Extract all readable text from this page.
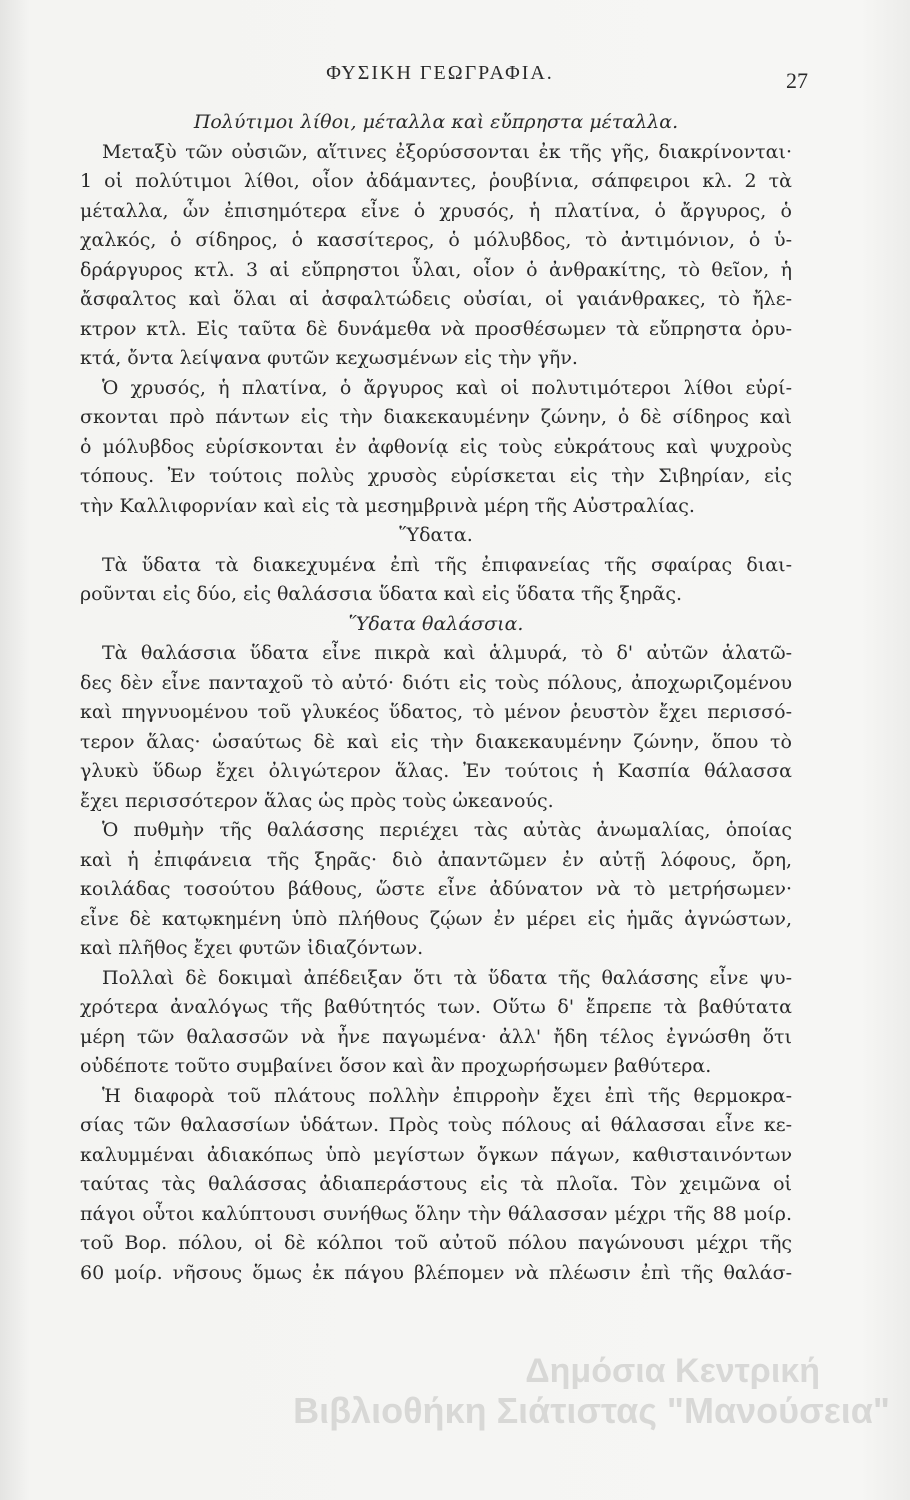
ΦΥΣΙΚΗ ΓΕΩΓΡΑΦΙΑ.	27
Πολύτιμοι λίθοι, μέταλλα καὶ εὔπρηστα μέταλλα.
Μεταξὺ τῶν οὐσιῶν, αἵτινες ἐξορύσσονται ἐκ τῆς γῆς, διακρίνονται·
1 οἱ πολύτιμοι λίθοι, οἷον ἀδάμαντες, ῥουβίνια, σάπφειροι κλ. 2 τὰ
μέταλλα, ὧν ἐπισημότερα εἶνε ὁ χρυσός, ἡ πλατίνα, ὁ ἄργυρος, ὁ
χαλκός, ὁ σίδηρος, ὁ κασσίτερος, ὁ μόλυβδος, τὸ ἀντιμόνιον, ὁ ὑ-
δράργυρος κτλ. 3 αἱ εὔπρηστοι ὗλαι, οἷον ὁ ἀνθρακίτης, τὸ θεῖον, ἡ
ἄσφαλτος καὶ ὅλαι αἱ ἀσφαλτώδεις οὐσίαι, οἱ γαιάνθρακες, τὸ ἤλε-
κτρον κτλ. Εἰς ταῦτα δὲ δυνάμεθα νὰ προσθέσωμεν τὰ εὔπρηστα ὀρυ-
κτά, ὄντα λείψανα φυτῶν κεχωσμένων εἰς τὴν γῆν.
Ὁ χρυσός, ἡ πλατίνα, ὁ ἄργυρος καὶ οἱ πολυτιμότεροι λίθοι εὑρί-
σκονται πρὸ πάντων εἰς τὴν διακεκαυμένην ζώνην, ὁ δὲ σίδηρος καὶ
ὁ μόλυβδος εὑρίσκονται ἐν ἀφθονίᾳ εἰς τοὺς εὐκράτους καὶ ψυχροὺς
τόπους. Ἐν τούτοις πολὺς χρυσὸς εὑρίσκεται εἰς τὴν Σιβηρίαν, εἰς
τὴν Καλλιφορνίαν καὶ εἰς τὰ μεσημβρινὰ μέρη τῆς Αὐστραλίας.
Ὕδατα.
Τὰ ὕδατα τὰ διακεχυμένα ἐπὶ τῆς ἐπιφανείας τῆς σφαίρας διαι-
ροῦνται εἰς δύο, εἰς θαλάσσια ὕδατα καὶ εἰς ὕδατα τῆς ξηρᾶς.
Ὕδατα θαλάσσια.
Τὰ θαλάσσια ὕδατα εἶνε πικρὰ καὶ ἁλμυρά, τὸ δ' αὐτῶν ἁλατῶ-
δες δὲν εἶνε πανταχοῦ τὸ αὐτό· διότι εἰς τοὺς πόλους, ἀποχωριζομένου
καὶ πηγνυομένου τοῦ γλυκέος ὕδατος, τὸ μένον ῥευστὸν ἔχει περισσό-
τερον ἅλας· ὡσαύτως δὲ καὶ εἰς τὴν διακεκαυμένην ζώνην, ὅπου τὸ
γλυκὺ ὕδωρ ἔχει ὀλιγώτερον ἅλας. Ἐν τούτοις ἡ Κασπία θάλασσα
ἔχει περισσότερον ἅλας ὡς πρὸς τοὺς ὠκεανούς.
Ὁ πυθμὴν τῆς θαλάσσης περιέχει τὰς αὐτὰς ἀνωμαλίας, ὁποίας
καὶ ἡ ἐπιφάνεια τῆς ξηρᾶς· διὸ ἀπαντῶμεν ἐν αὐτῇ λόφους, ὄρη,
κοιλάδας τοσούτου βάθους, ὥστε εἶνε ἀδύνατον νὰ τὸ μετρήσωμεν·
εἶνε δὲ κατῳκημένη ὑπὸ πλήθους ζῴων ἐν μέρει εἰς ἡμᾶς ἀγνώστων,
καὶ πλῆθος ἔχει φυτῶν ἰδιαζόντων.
Πολλαὶ δὲ δοκιμαὶ ἀπέδειξαν ὅτι τὰ ὕδατα τῆς θαλάσσης εἶνε ψυ-
χρότερα ἀναλόγως τῆς βαθύτητός των. Οὕτω δ' ἔπρεπε τὰ βαθύτατα
μέρη τῶν θαλασσῶν νὰ ἦνε παγωμένα· ἀλλ' ἤδη τέλος ἐγνώσθη ὅτι
οὐδέποτε τοῦτο συμβαίνει ὅσον καὶ ἂν προχωρήσωμεν βαθύτερα.
Ἡ διαφορὰ τοῦ πλάτους πολλὴν ἐπιρροὴν ἔχει ἐπὶ τῆς θερμοκρα-
σίας τῶν θαλασσίων ὑδάτων. Πρὸς τοὺς πόλους αἱ θάλασσαι εἶνε κε-
καλυμμέναι ἀδιακόπως ὑπὸ μεγίστων ὄγκων πάγων, καθισταινόντων
ταύτας τὰς θαλάσσας ἀδιαπεράστους εἰς τὰ πλοῖα. Τὸν χειμῶνα οἱ
πάγοι οὗτοι καλύπτουσι συνήθως ὅλην τὴν θάλασσαν μέχρι τῆς 88 μοίρ.
τοῦ Βορ. πόλου, οἱ δὲ κόλποι τοῦ αὐτοῦ πόλου παγώνουσι μέχρι τῆς
60 μοίρ. νῆσους ὅμως ἐκ πάγου βλέπομεν νὰ πλέωσιν ἐπὶ τῆς θαλάσ-
Δημόσια Κεντρική
Βιβλιοθήκη Σιάτιστας "Μανούσεια"
